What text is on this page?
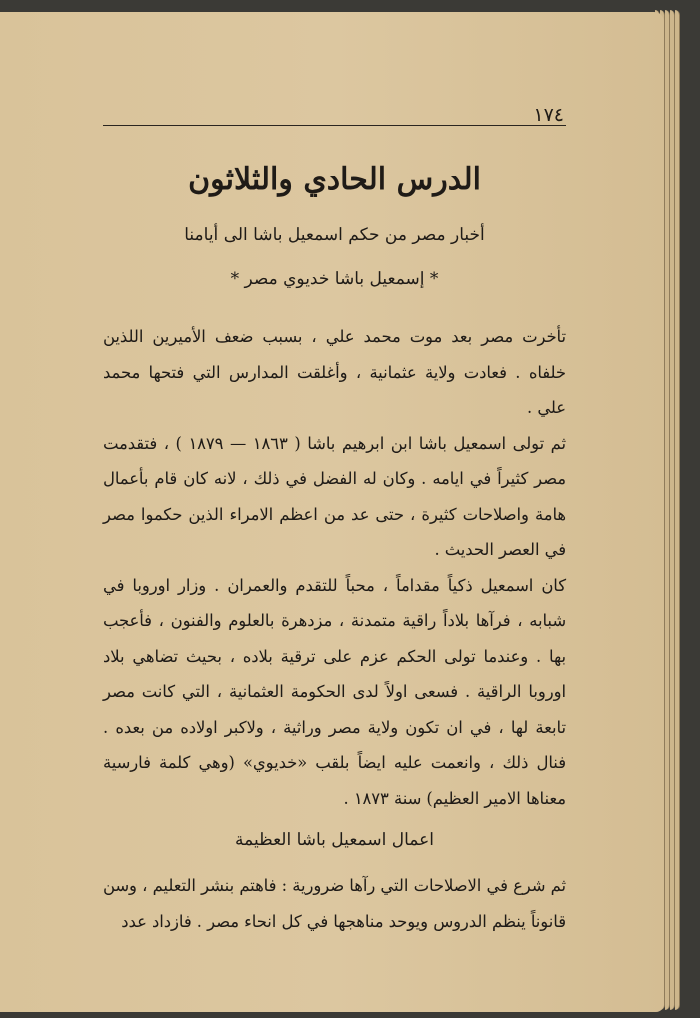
١٧٤
الدرس الحادي والثلاثون
أخبار مصر من حكم اسمعيل باشا الى أيامنا
* إسمعيل باشا خديوي مصر *

تأخرت مصر بعد موت محمد علي ، بسبب ضعف الأميرين اللذين خلفاه . فعادت ولاية عثمانية ، وأغلقت المدارس التي فتحها محمد علي .

ثم تولى اسمعيل باشا ابن ابرهيم باشا ( ١٨٦٣ — ١٨٧٩ ) ، فتقدمت مصر كثيراً في ايامه . وكان له الفضل في ذلك ، لانه كان قام بأعمال هامة واصلاحات كثيرة ، حتى عد من اعظم الامراء الذين حكموا مصر في العصر الحديث .

كان اسمعيل ذكياً مقداماً ، محباً للتقدم والعمران . وزار اوروبا في شبابه ، فرآها بلاداً راقية متمدنة ، مزدهرة بالعلوم والفنون ، فأعجب بها . وعندما تولى الحكم عزم على ترقية بلاده ، بحيث تضاهي بلاد اوروبا الراقية . فسعى اولاً لدى الحكومة العثمانية ، التي كانت مصر تابعة لها ، في ان تكون ولاية مصر وراثية ، ولاكبر اولاده من بعده . فنال ذلك ، وانعمت عليه ايضاً بلقب «خديوي» (وهي كلمة فارسية معناها الامير العظيم) سنة ١٨٧٣ .

اعمال اسمعيل باشا العظيمة

ثم شرع في الاصلاحات التي رآها ضرورية : فاهتم بنشر التعليم ، وسن قانوناً ينظم الدروس ويوحد مناهجها في كل انحاء مصر . فازداد عدد
